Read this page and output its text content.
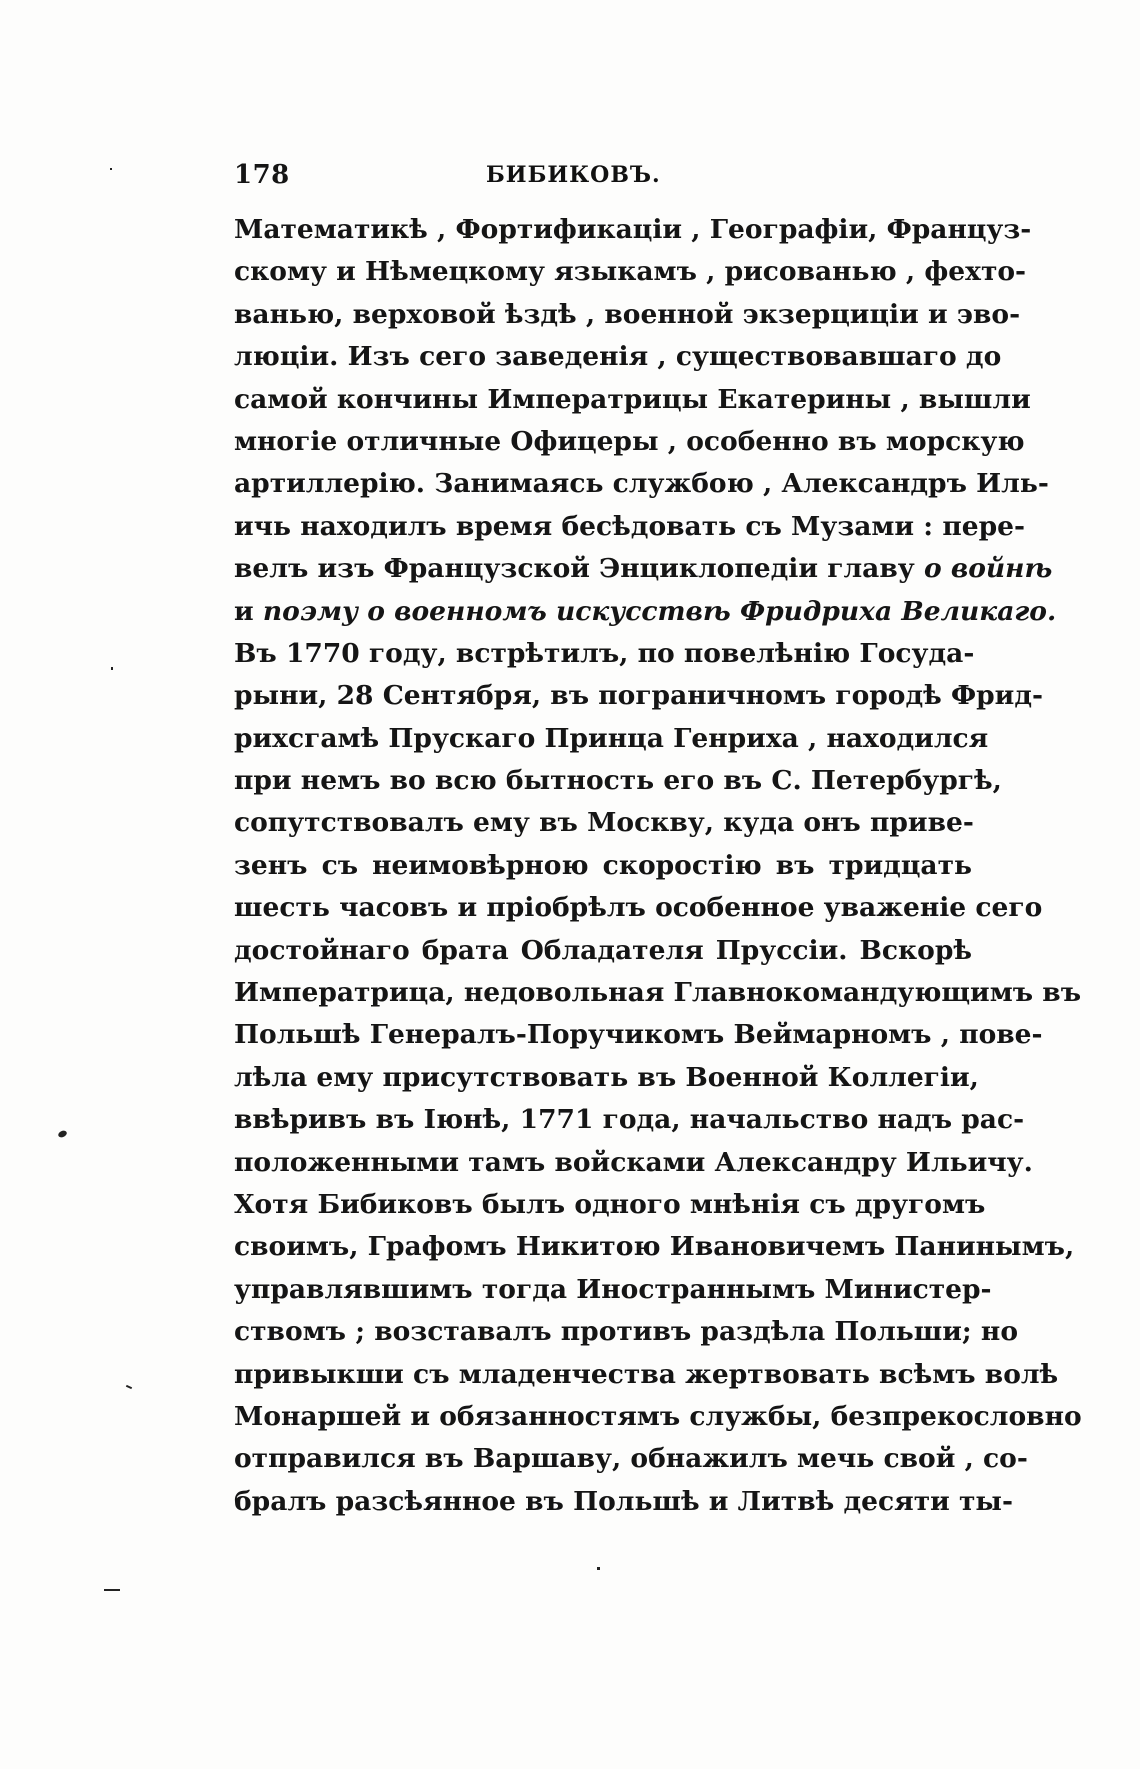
178	БИБИКОВЪ.
Математикѣ , Фортификаціи , Географіи, Француз-
скому и Нѣмецкому языкамъ , рисованью , фехто-
ванью, верховой ѣздѣ , военной экзерциціи и эво-
люціи. Изъ сего заведенія , существовавшаго до
самой кончины Императрицы Екатерины , вышли
многіе отличные Офицеры , особенно въ морскую
артиллерію. Занимаясь службою , Александръ Иль-
ичь находилъ время бесѣдовать съ Музами : пере-
велъ изъ Французской Энциклопедіи главу о войнѣ
и поэму о военномъ искусствѣ Фридриха Великаго.
Въ 1770 году, встрѣтилъ, по повелѣнію Госуда-
рыни, 28 Сентября, въ пограничномъ городѣ Фрид-
рихсгамѣ Прускаго Принца Генриха , находился
при немъ во всю бытность его въ С. Петербургѣ,
сопутствовалъ ему въ Москву, куда онъ приве-
зенъ съ неимовѣрною скоростію въ тридцать
шесть часовъ и пріобрѣлъ особенное уваженіе сего
достойнаго брата Обладателя Пруссіи. Вскорѣ
Императрица, недовольная Главнокомандующимъ въ
Польшѣ Генералъ-Поручикомъ Веймарномъ , пове-
лѣла ему присутствовать въ Военной Коллегіи,
ввѣривъ въ Іюнѣ, 1771 года, начальство надъ рас-
положенными тамъ войсками Александру Ильичу.
Хотя Бибиковъ былъ одного мнѣнія съ другомъ
своимъ, Графомъ Никитою Ивановичемъ Панинымъ,
управлявшимъ тогда Иностраннымъ Министер-
ствомъ ; возставалъ противъ раздѣла Польши; но
привыкши съ младенчества жертвовать всѣмъ волѣ
Монаршей и обязанностямъ службы, безпрекословно
отправился въ Варшаву, обнажилъ мечь свой , со-
бралъ разсѣянное въ Польшѣ и Литвѣ десяти ты-
